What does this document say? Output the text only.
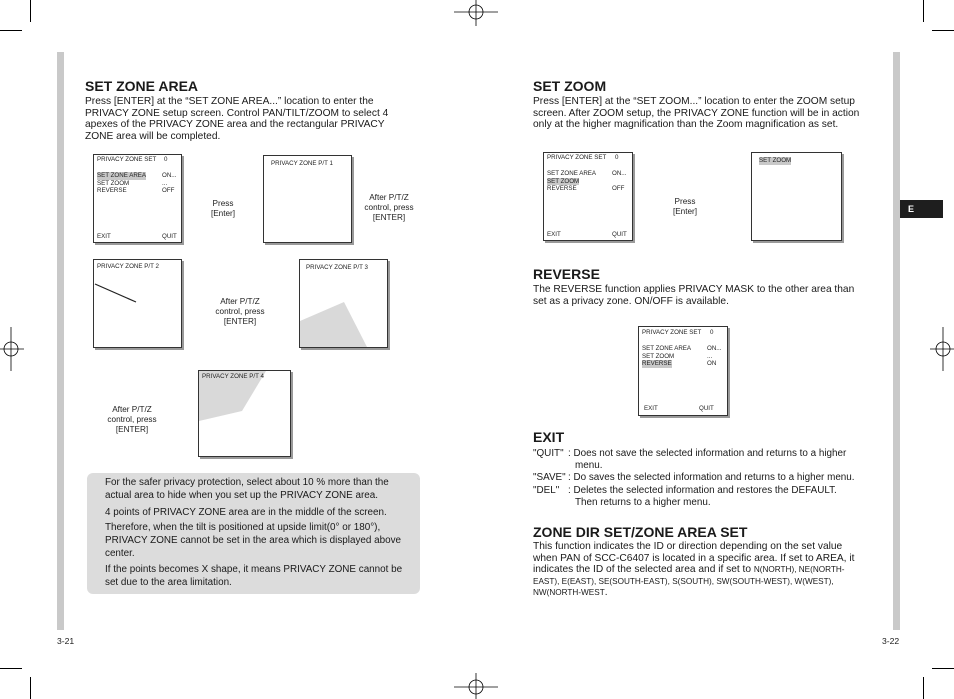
SET ZONE AREA

Press [ENTER] at the “SET ZONE AREA...” location to enter the PRIVACY ZONE setup screen. Control PAN/TILT/ZOOM to select 4 apexes of the PRIVACY ZONE area and the rectangular PRIVACY ZONE area will be completed.

PRIVACY ZONE SET 0
SET ZONE AREA	ON...
SET ZOOM	...
REVERSE	OFF
EXIT	QUIT
Press
[Enter]
PRIVACY ZONE P/T 1
After P/T/Z
control, press
[ENTER]
PRIVACY ZONE P/T 2
After P/T/Z
control, press
[ENTER]
PRIVACY ZONE P/T 3
PRIVACY ZONE P/T 4
After P/T/Z
control, press
[ENTER]

For the safer privacy protection, select about 10 % more than the actual area to hide when you set up the PRIVACY ZONE area.

4 points of PRIVACY ZONE area are in the middle of the screen.

Therefore, when the tilt is positioned at upside limit(0° or 180°), PRIVACY ZONE cannot be set in the area which is displayed above center.

If the points becomes X shape, it means PRIVACY ZONE cannot be set due to the area limitation.

3-21
SET ZOOM

Press [ENTER] at the “SET ZOOM...” location to enter the ZOOM setup screen. After ZOOM setup, the PRIVACY ZONE function will be in action only at the higher magnification than the Zoom magnification as set.

PRIVACY ZONE SET 0
SET ZONE AREA	ON...
SET ZOOM
REVERSE	OFF
EXIT	QUIT
Press
[Enter]
SET ZOOM
REVERSE

The REVERSE function applies PRIVACY MASK to the other area than set as a privacy zone. ON/OFF is available.

PRIVACY ZONE SET 0
SET ZONE AREA	ON...
SET ZOOM	...
REVERSE	ON
EXIT	QUIT
EXIT
"QUIT" : Does not save the selected information and returns to a higher
menu.
"SAVE" : Do saves the selected information and returns to a higher menu.
"DEL" : Deletes the selected information and restores the DEFAULT.
Then returns to a higher menu.
ZONE DIR SET/ZONE AREA SET

This function indicates the ID or direction depending on the set value when PAN of SCC-C6407 is located in a specific area. If set to AREA, it indicates the ID of the selected area and if set to N(NORTH), NE(NORTH-EAST), E(EAST), SE(SOUTH-EAST), S(SOUTH), SW(SOUTH-WEST), W(WEST), NW(NORTH-WEST.

E
3-22
